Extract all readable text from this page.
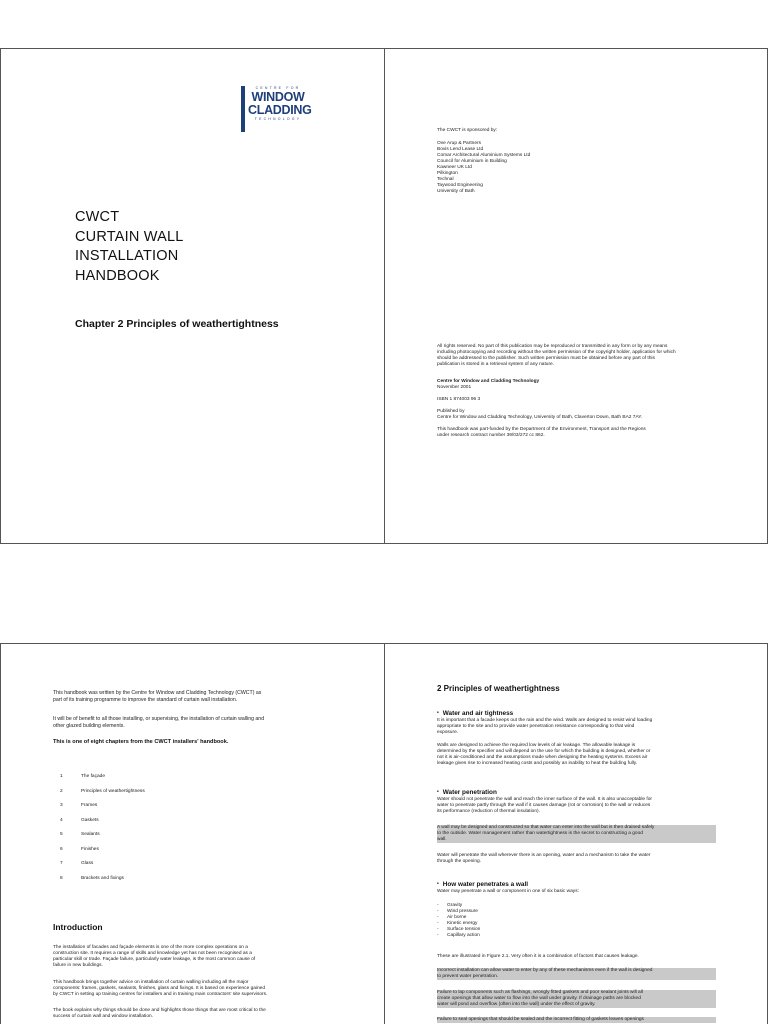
CENTRE FOR
WINDOW
CLADDING
TECHNOLOGY
CWCT
CURTAIN WALL
INSTALLATION
HANDBOOK
Chapter 2 Principles of weathertightness
The CWCT is sponsored by:
Ove Arup & Partners
Bovis Lend Lease Ltd
Comar Architectural Aluminium Systems Ltd
Council for Aluminium in Building
Kawneer UK Ltd
Pilkington
Technal
Taywood Engineering
University of Bath
All rights reserved. No part of this publication may be reproduced or transmitted in any form or by any means
including photocopying and recording without the written permission of the copyright holder, application for which
should be addressed to the publisher. Such written permission must be obtained before any part of this
publication is stored in a retrieval system of any nature.
Centre for Window and Cladding Technology
November 2001
ISBN 1 874003 96 3
Published by
Centre for Window and Cladding Technology, University of Bath, Claverton Down, Bath BA2 7AY.
This handbook was part-funded by the Department of the Environment, Transport and the Regions
under research contract number 39/03/272 cc 862.
This handbook was written by the Centre for Window and Cladding Technology (CWCT) as
part of its training programme to improve the standard of curtain wall installation.
It will be of benefit to all those installing, or supervising, the installation of curtain walling and
other glazed building elements.
This is one of eight chapters from the CWCT installers' handbook.
1	The façade
2	Principles of weathertightness
3	Frames
4	Gaskets
5	Sealants
6	Finishes
7	Glass
8	Brackets and fixings
Introduction
The installation of facades and façade elements is one of the more complex operations on a
construction site. It requires a range of skills and knowledge yet has not been recognised as a
particular skill or trade. Façade failure, particularly water leakage, is the most common cause of
failure in new buildings.
This handbook brings together advice on installation of curtain walling including all the major
components: frames, gaskets, sealants, finishes, glass and fixings. It is based on experience gained
by CWCT in setting up training centres for installers and in training main contractors' site supervisors.
The book explains why things should be done and highlights those things that are most critical to the
success of curtain wall and window installation.
2 Principles of weathertightness
• Water and air tightness
It is important that a facade keeps out the rain and the wind. Walls are designed to resist wind loading
appropriate to the site and to provide water penetration resistance corresponding to that wind
exposure.
Walls are designed to achieve the required low levels of air leakage. The allowable leakage is
determined by the specifier and will depend on the use for which the building is designed, whether or
not it is air-conditioned and the assumptions made when designing the heating systems. Excess air
leakage gives rise to increased heating costs and possibly an inability to heat the building fully.
• Water penetration
Water should not penetrate the wall and reach the inner surface of the wall. It is also unacceptable for
water to penetrate partly through the wall if it causes damage (rot or corrosion) to the wall or reduces
its performance (reduction of thermal insulation).
A wall may be designed and constructed so that water can enter into the wall but is then drained safely
to the outside. Water management rather than watertightness is the secret to constructing a good
wall.
Water will penetrate the wall wherever there is an opening, water and a mechanism to take the water
through the opening.
• How water penetrates a wall
Water may penetrate a wall or component in one of six basic ways:
- Gravity
- Wind pressure
- Air borne
- Kinetic energy
- Surface tension
- Capillary action
These are illustrated in Figure 2.1. Very often it is a combination of factors that causes leakage.
Incorrect installation can allow water to enter by any of these mechanisms even if the wall is designed
to prevent water penetration.
Failure to lap components such as flashings, wrongly fitted gaskets and poor sealant joints will all
create openings that allow water to flow into the wall under gravity. If drainage paths are blocked
water will pond and overflow (often into the wall) under the effect of gravity.
Failure to seal openings that should be sealed and the incorrect fitting of gaskets leaves openings
